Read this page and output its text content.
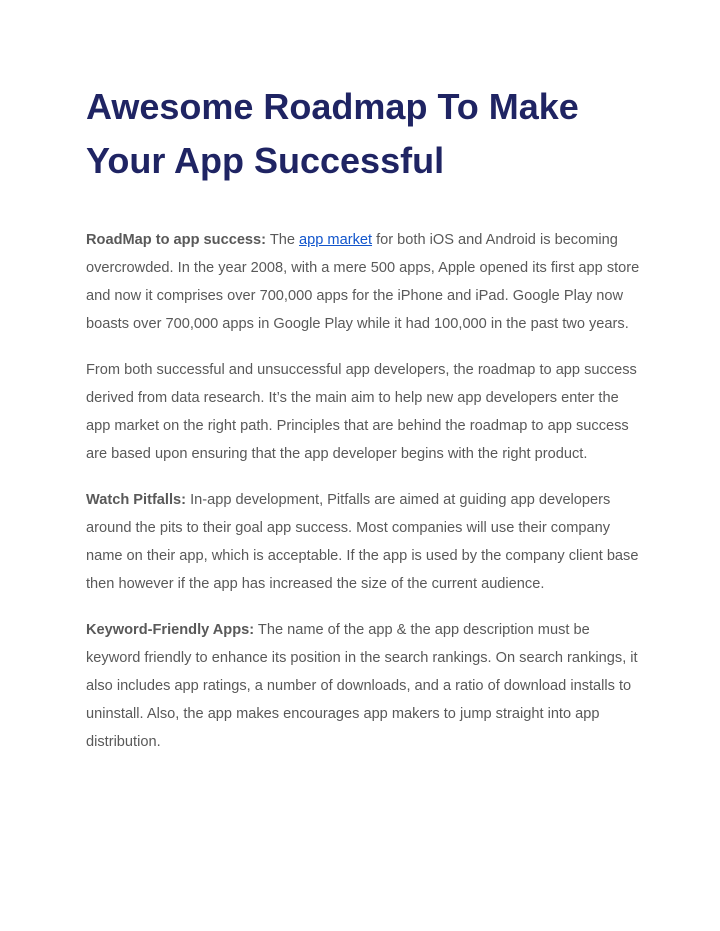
Awesome Roadmap To Make
Your App Successful

RoadMap to app success: The app market for both iOS and Android is becoming overcrowded. In the year 2008, with a mere 500 apps, Apple opened its first app store and now it comprises over 700,000 apps for the iPhone and iPad. Google Play now boasts over 700,000 apps in Google Play while it had 100,000 in the past two years.

From both successful and unsuccessful app developers, the roadmap to app success derived from data research. It’s the main aim to help new app developers enter the app market on the right path. Principles that are behind the roadmap to app success are based upon ensuring that the app developer begins with the right product.

Watch Pitfalls: In-app development, Pitfalls are aimed at guiding app developers around the pits to their goal app success. Most companies will use their company name on their app, which is acceptable. If the app is used by the company client base then however if the app has increased the size of the current audience.

Keyword-Friendly Apps: The name of the app & the app description must be keyword friendly to enhance its position in the search rankings. On search rankings, it also includes app ratings, a number of downloads, and a ratio of download installs to uninstall. Also, the app makes encourages app makers to jump straight into app distribution.
